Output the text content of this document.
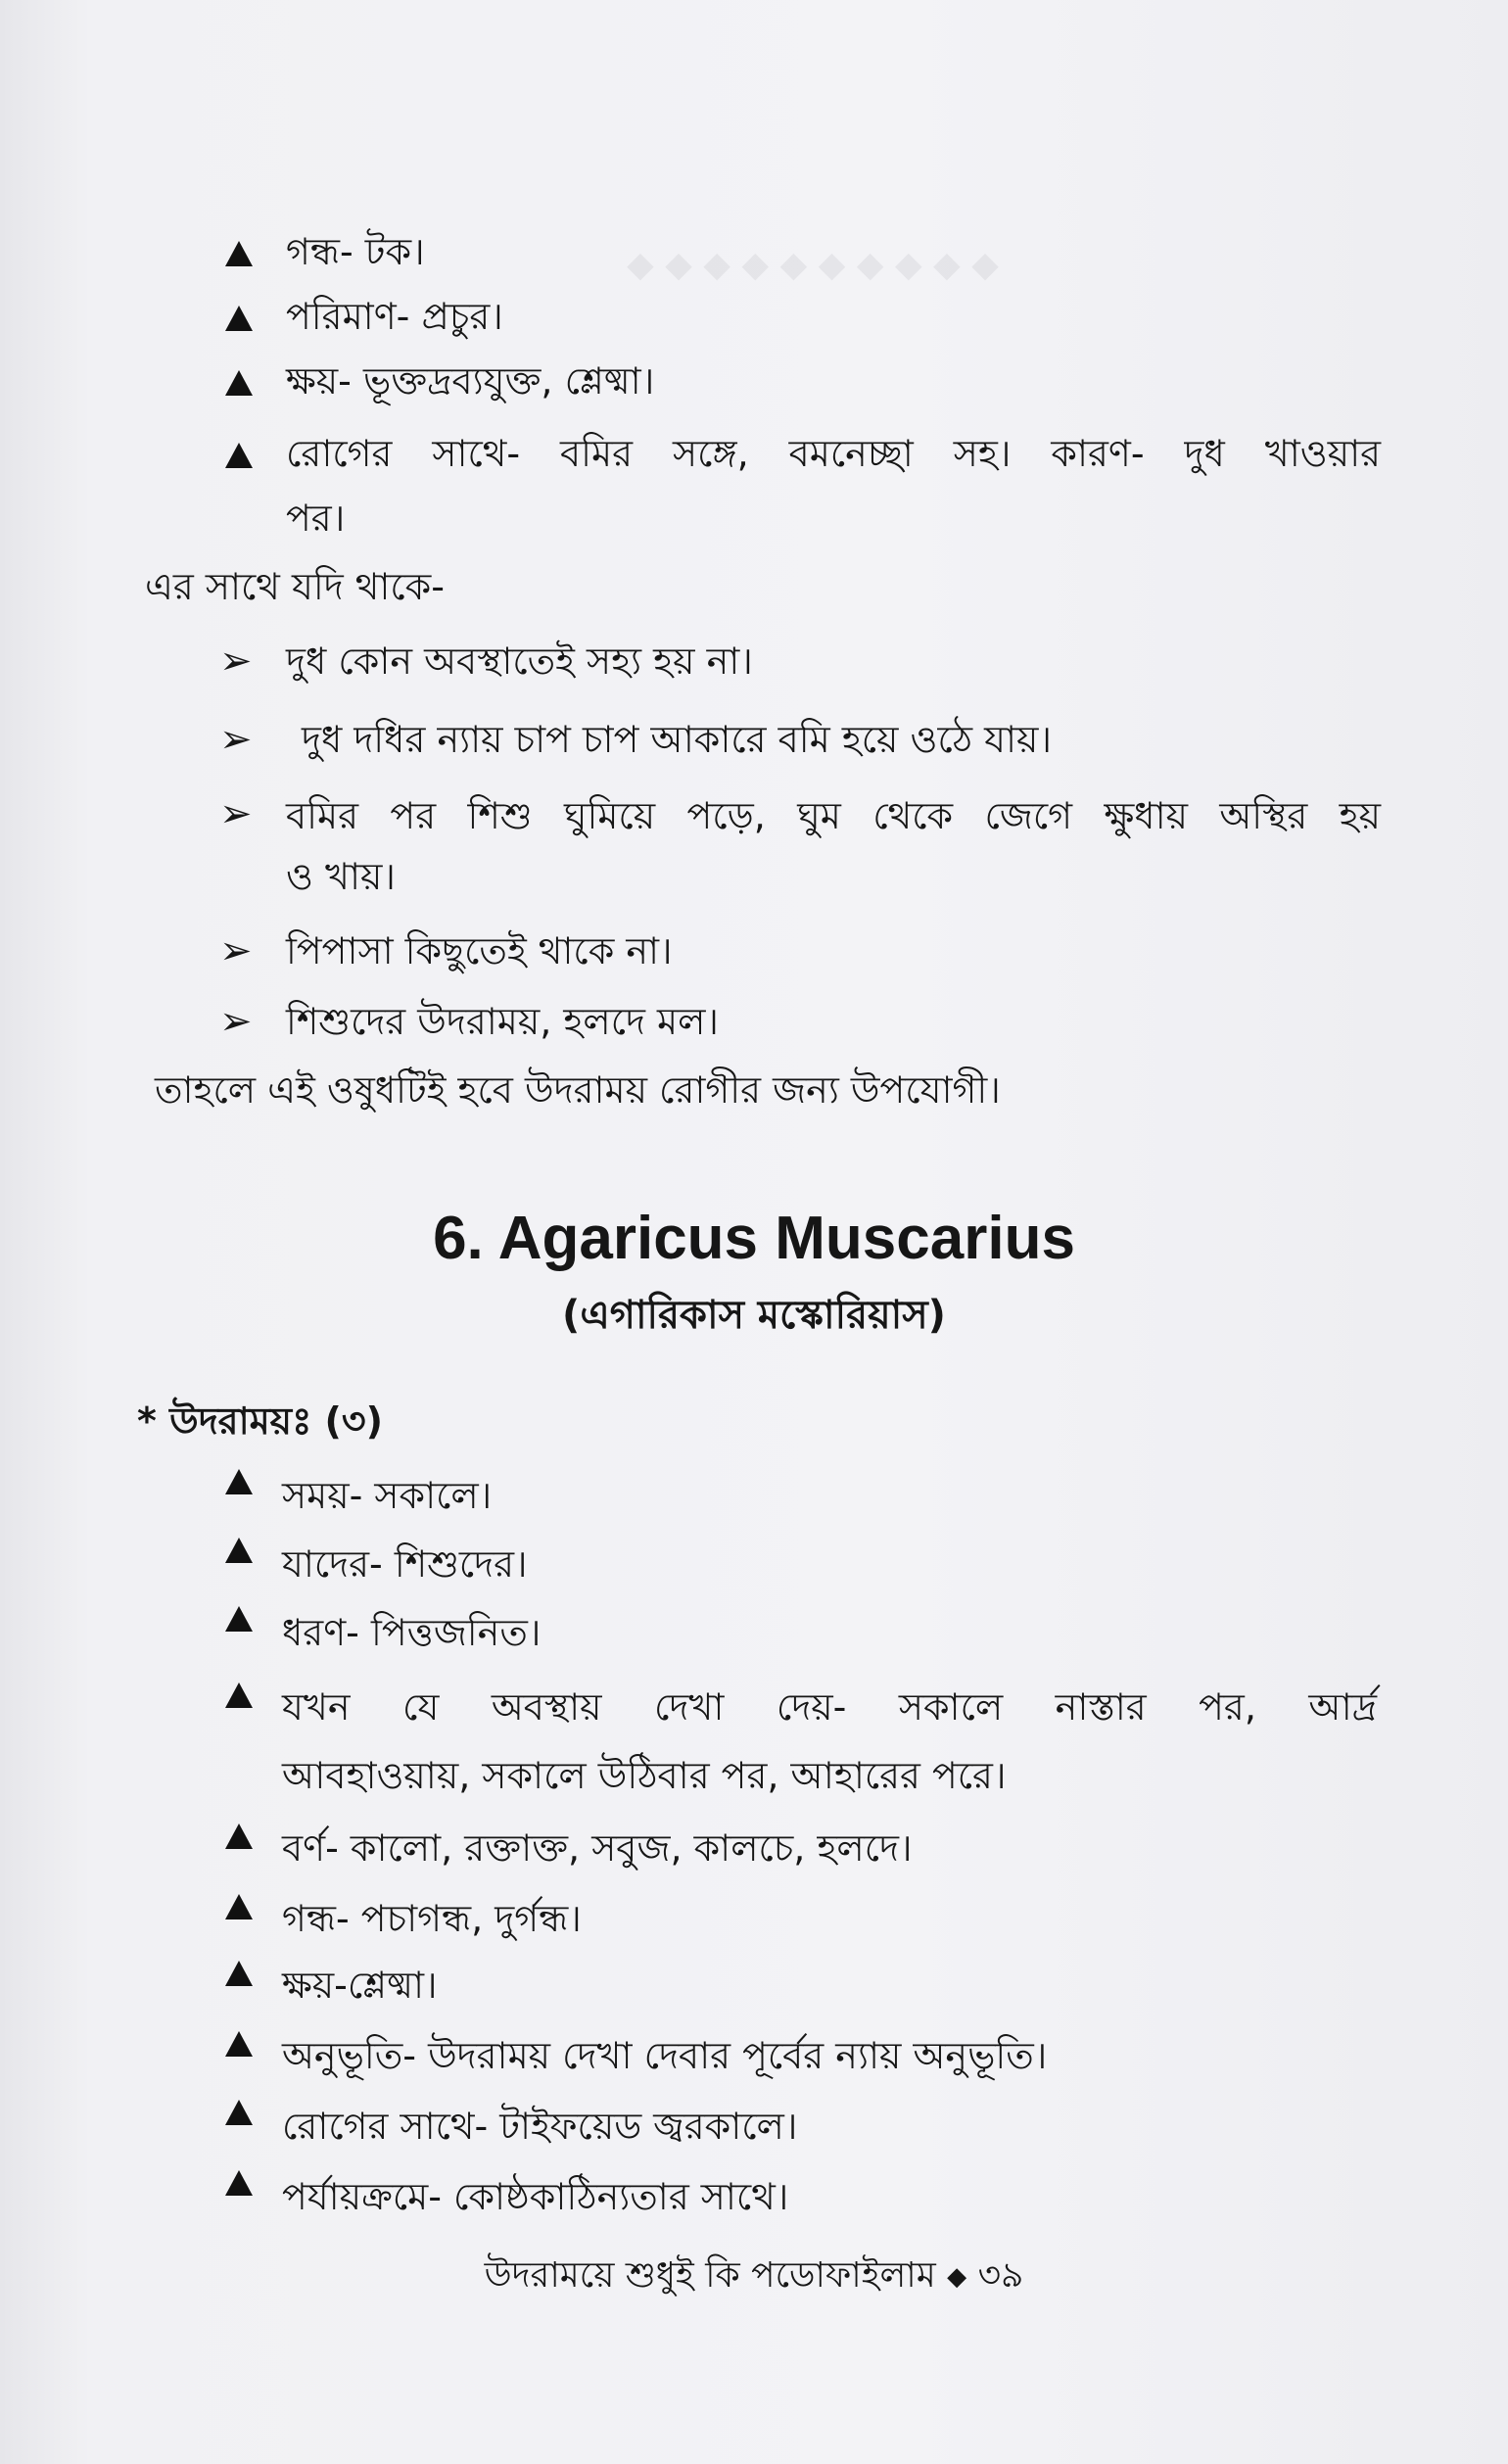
◆ ◆ ◆ ◆ ◆ ◆ ◆ ◆ ◆ ◆
গন্ধ- টক।
পরিমাণ- প্রচুর।
ক্ষয়- ভূক্তদ্রব্যযুক্ত, শ্লেষ্মা।
রোগের সাথে- বমির সঙ্গে, বমনেচ্ছা সহ। কারণ- দুধ খাওয়ার
পর।
এর সাথে যদি থাকে-
➢ দুধ কোন অবস্থাতেই সহ্য হয় না।
➢ দুধ দধির ন্যায় চাপ চাপ আকারে বমি হয়ে ওঠে যায়।
➢ বমির পর শিশু ঘুমিয়ে পড়ে, ঘুম থেকে জেগে ক্ষুধায় অস্থির হয়
ও খায়।
➢ পিপাসা কিছুতেই থাকে না।
➢ শিশুদের উদরাময়, হলদে মল।
তাহলে এই ওষুধটিই হবে উদরাময় রোগীর জন্য উপযোগী।
6. Agaricus Muscarius
(এগারিকাস মস্কোরিয়াস)
* উদরাময়ঃ (৩)
সময়- সকালে।
যাদের- শিশুদের।
ধরণ- পিত্তজনিত।
যখন যে অবস্থায় দেখা দেয়- সকালে নাস্তার পর, আর্দ্র
আবহাওয়ায়, সকালে উঠিবার পর, আহারের পরে।
বর্ণ- কালো, রক্তাক্ত, সবুজ, কালচে, হলদে।
গন্ধ- পচাগন্ধ, দুর্গন্ধ।
ক্ষয়-শ্লেষ্মা।
অনুভূতি- উদরাময় দেখা দেবার পূর্বের ন্যায় অনুভূতি।
রোগের সাথে- টাইফয়েড জ্বরকালে।
পর্যায়ক্রমে- কোষ্ঠকাঠিন্যতার সাথে।
উদরাময়ে শুধুই কি পডোফাইলাম ◆ ৩৯
